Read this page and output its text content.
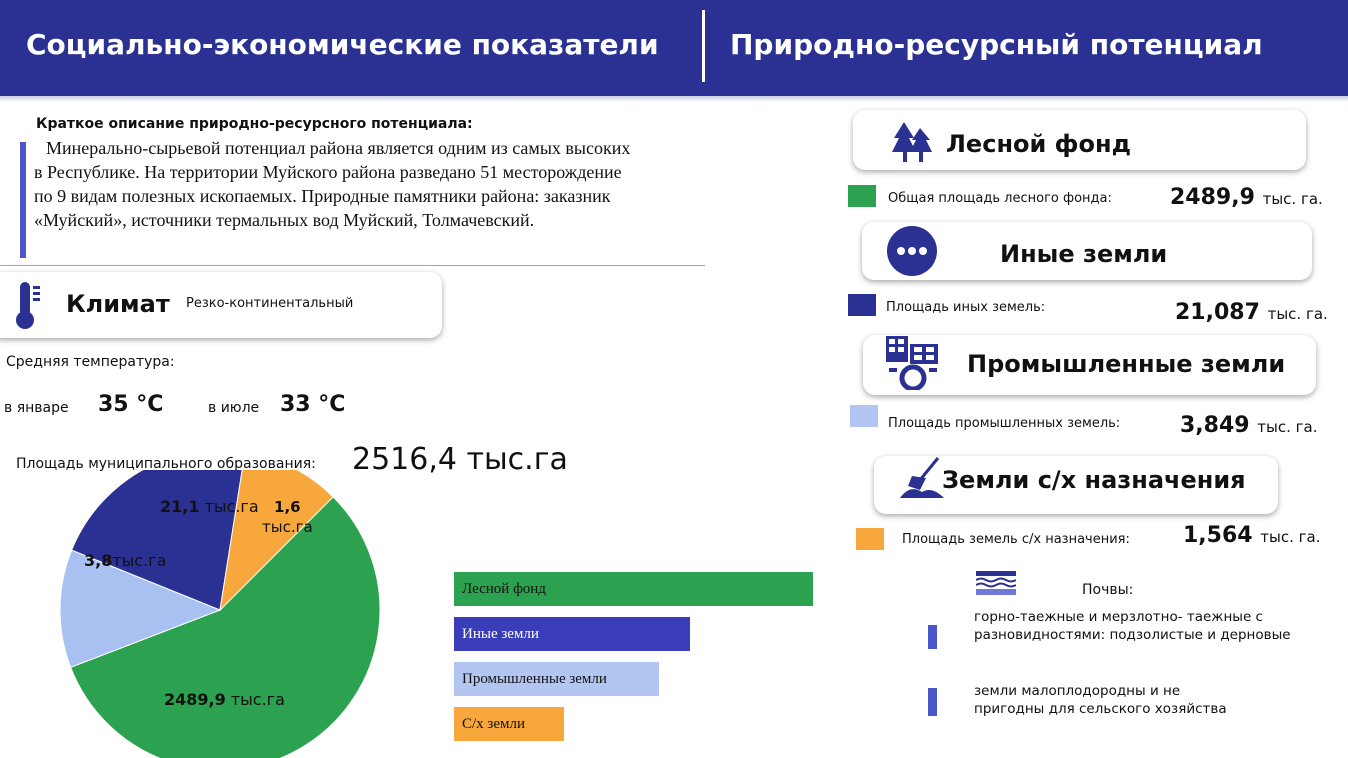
Социально-экономические показатели	Природно-ресурсный потенциал
Краткое описание природно-ресурсного потенциала:
Минерально-сырьевой потенциал района является одним из самых высоких
в Республике. На территории Муйского района разведано 51 месторождение
по 9 видам полезных ископаемых. Природные памятники района: заказник
«Муйский», источники термальных вод Муйский, Толмачевский.
Климат Резко-континентальный
Средняя температура:
в январе 35 °С	в июле 33 °С
Площадь муниципального образования: 2516,4 тыс.га
2489,9 тыс.га
21,1 тыс.га
3,8тыс.га
1,6
тыс.га
Лесной фонд
Иные земли
Промышленные земли
С/х земли
Лесной фонд
Общая площадь лесного фонда:	2489,9 тыс. га.
Иные земли
Площадь иных земель:	21,087 тыс. га.
Промышленные земли
Площадь промышленных земель:	3,849 тыс. га.
Земли с/х назначения
Площадь земель с/х назначения: 1,564 тыс. га.
Почвы:
горно-таежные и мерзлотно- таежные с
разновидностями: подзолистые и дерновые
земли малоплодородны и не
пригодны для сельского хозяйства
